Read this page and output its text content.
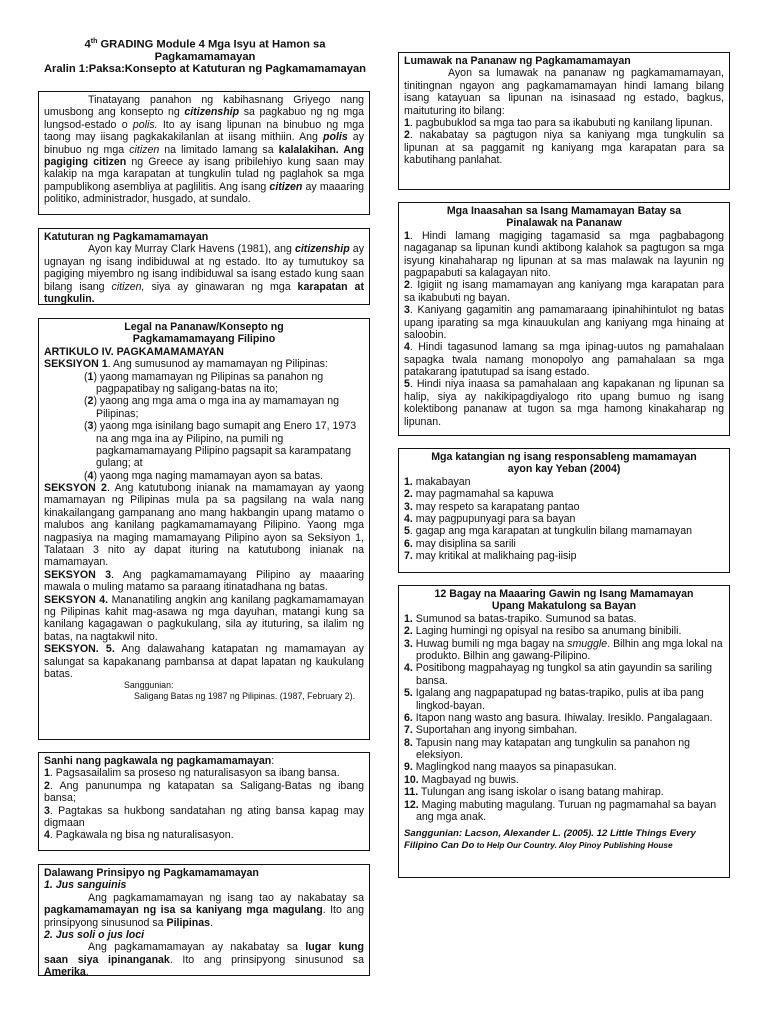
4th GRADING Module 4 Mga Isyu at Hamon sa Pagkamamamayan
Aralin 1:Paksa:Konsepto at Katuturan ng Pagkamamamayan

Tinatayang panahon ng kabihasnang Griyego nang umusbong ang konsepto ng citizenship sa pagkabuo ng ng mga lungsod-estado o polis. Ito ay isang lipunan na binubuo ng mga taong may iisang pagkakakilanlan at iisang mithiin. Ang polis ay binubuo ng mga citizen na limitado lamang sa kalalakihan. Ang pagiging citizen ng Greece ay isang pribilehiyo kung saan may kalakip na mga karapatan at tungkulin tulad ng paglahok sa mga pampublikong asembliya at paglilitis. Ang isang citizen ay maaaring politiko, administrador, husgado, at sundalo.

Katuturan ng Pagkamamamayan

Ayon kay Murray Clark Havens (1981), ang citizenship ay ugnayan ng isang indibiduwal at ng estado. Ito ay tumutukoy sa pagiging miyembro ng isang indibiduwal sa isang estado kung saan bilang isang citizen, siya ay ginawaran ng mga karapatan at tungkulin.

Legal na Pananaw/Konsepto ng
Pagkamamamayang Filipino
ARTIKULO IV. PAGKAMAMAMAYAN

SEKSIYON 1. Ang sumusunod ay mamamayan ng Pilipinas:

(1) yaong mamamayan ng Pilipinas sa panahon ng pagpapatibay ng saligang-batas na ito;
(2) yaong ang mga ama o mga ina ay mamamayan ng Pilipinas;
(3) yaong mga isinilang bago sumapit ang Enero 17, 1973 na ang mga ina ay Pilipino, na pumili ng pagkamamamayang Pilipino pagsapit sa karampatang gulang; at
(4) yaong mga naging mamamayan ayon sa batas.

SEKSYON 2. Ang katutubong inianak na mamamayan ay yaong mamamayan ng Pilipinas mula pa sa pagsilang na wala nang kinakailangang gampanang ano mang hakbangin upang matamo o malubos ang kanilang pagkamamamayang Pilipino. Yaong mga nagpasiya na maging mamamayang Pilipino ayon sa Seksiyon 1, Talataan 3 nito ay dapat ituring na katutubong inianak na mamamayan.

SEKSYON 3. Ang pagkamamamayang Pilipino ay maaaring mawala o muling matamo sa paraang itinatadhana ng batas.

SEKSYON 4. Mananatiling angkin ang kanilang pagkamamamayan ng Pilipinas kahit mag-asawa ng mga dayuhan, matangi kung sa kanilang kagagawan o pagkukulang, sila ay ituturing, sa ilalim ng batas, na nagtakwil nito.

SEKSYON. 5. Ang dalawahang katapatan ng mamamayan ay salungat sa kapakanang pambansa at dapat lapatan ng kaukulang batas.

Sanggunian:
Saligang Batas ng 1987 ng Pilipinas. (1987, February 2).
Sanhi nang pagkawala ng pagkamamamayan:

1. Pagsasailalim sa proseso ng naturalisasyon sa ibang bansa.

2. Ang panunumpa ng katapatan sa Saligang-Batas ng ibang bansa;

3. Pagtakas sa hukbong sandatahan ng ating bansa kapag may digmaan

4. Pagkawala ng bisa ng naturalisasyon.

Dalawang Prinsipyo ng Pagkamamamayan
1. Jus sanguinis

Ang pagkamamamayan ng isang tao ay nakabatay sa pagkamamamayan ng isa sa kaniyang mga magulang. Ito ang prinsipyong sinusunod sa Pilipinas.

2. Jus soli o jus loci

Ang pagkamamamayan ay nakabatay sa lugar kung saan siya ipinanganak. Ito ang prinsipyong sinusunod sa Amerika.

Lumawak na Pananaw ng Pagkamamamayan

Ayon sa lumawak na pananaw ng pagkamamamayan, tinitingnan ngayon ang pagkamamamayan hindi lamang bilang isang katayuan sa lipunan na isinasaad ng estado, bagkus, maituturing ito bilang:

1. pagbubuklod sa mga tao para sa ikabubuti ng kanilang lipunan.

2. nakabatay sa pagtugon niya sa kaniyang mga tungkulin sa lipunan at sa paggamit ng kaniyang mga karapatan para sa kabutihang panlahat.

Mga Inaasahan sa Isang Mamamayan Batay sa
Pinalawak na Pananaw

1. Hindi lamang magiging tagamasid sa mga pagbabagong nagaganap sa lipunan kundi aktibong kalahok sa pagtugon sa mga isyung kinahaharap ng lipunan at sa mas malawak na layunin ng pagpapabuti sa kalagayan nito.

2. Igigiit ng isang mamamayan ang kaniyang mga karapatan para sa ikabubuti ng bayan.

3. Kaniyang gagamitin ang pamamaraang ipinahihintulot ng batas upang iparating sa mga kinauukulan ang kaniyang mga hinaing at saloobin.

4. Hindi tagasunod lamang sa mga ipinag-uutos ng pamahalaan sapagka twala namang monopolyo ang pamahalaan sa mga patakarang ipatutupad sa isang estado.

5. Hindi niya inaasa sa pamahalaan ang kapakanan ng lipunan sa halip, siya ay nakikipagdiyalogo rito upang bumuo ng isang kolektibong pananaw at tugon sa mga hamong kinakaharap ng lipunan.

Mga katangian ng isang responsableng mamamayan
ayon kay Yeban (2004)

1. makabayan

2. may pagmamahal sa kapuwa

3. may respeto sa karapatang pantao

4. may pagpupunyagi para sa bayan

5. gagap ang mga karapatan at tungkulin bilang mamamayan

6. may disiplina sa sarili

7. may kritikal at malikhaing pag-iisip

12 Bagay na Maaaring Gawin ng Isang Mamamayan
Upang Makatulong sa Bayan
1. Sumunod sa batas-trapiko. Sumunod sa batas.
2. Laging humingi ng opisyal na resibo sa anumang binibili.
3. Huwag bumili ng mga bagay na smuggle. Bilhin ang mga lokal na produkto. Bilhin ang gawang-Pilipino.
4. Positibong magpahayag ng tungkol sa atin gayundin sa sariling bansa.
5. Igalang ang nagpapatupad ng batas-trapiko, pulis at iba pang lingkod-bayan.
6. Itapon nang wasto ang basura. Ihiwalay. Iresiklo. Pangalagaan.
7. Suportahan ang inyong simbahan.
8. Tapusin nang may katapatan ang tungkulin sa panahon ng eleksiyon.
9. Maglingkod nang maayos sa pinapasukan.
10. Magbayad ng buwis.
11. Tulungan ang isang iskolar o isang batang mahirap.
12. Maging mabuting magulang. Turuan ng pagmamahal sa bayan ang mga anak.
Sanggunian: Lacson, Alexander L. (2005). 12 Little Things Every Filipino Can Do to Help Our Country. Aloy Pinoy Publishing House
